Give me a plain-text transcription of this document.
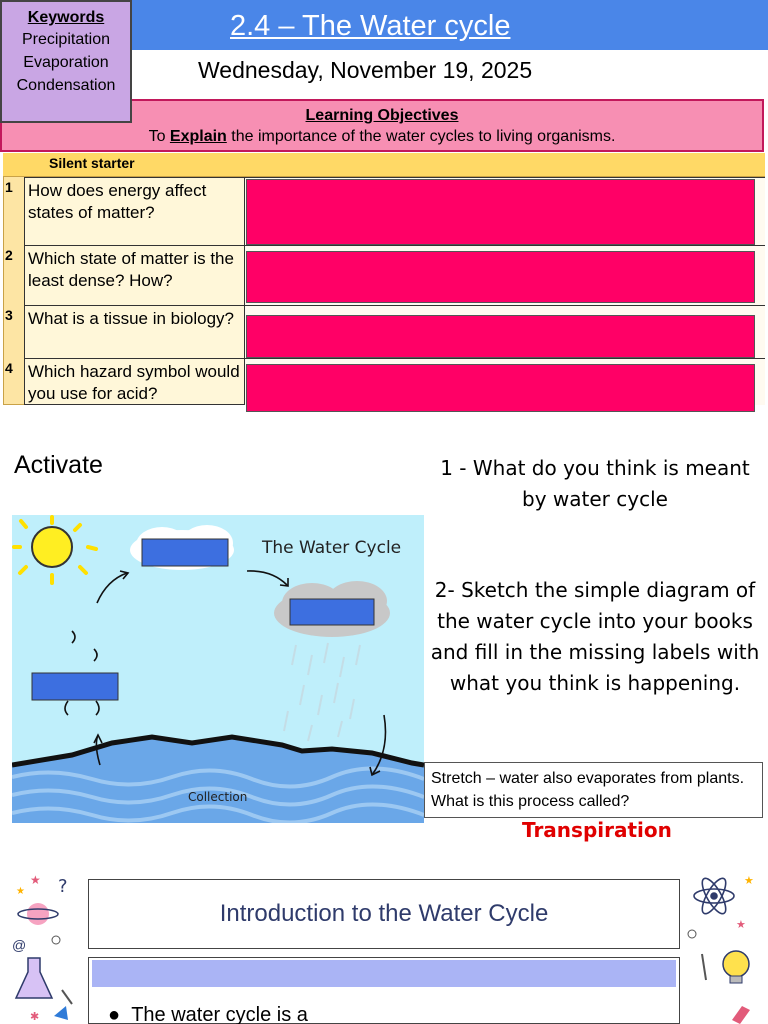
2.4 – The Water cycle
Wednesday, November 19, 2025
Keywords
Precipitation
Evaporation
Condensation
Learning Objectives
To Explain the importance of the water cycles to living organisms.
Silent starter
1 How does energy affect states of matter?
2 Which state of matter is the least dense? How?
3 What is a tissue in biology?
4 Which hazard symbol would you use for acid?
Activate	1 - What do you think is meant by water cycle
2- Sketch the simple diagram of the water cycle into your books and fill in the missing labels with what you think is happening.
Stretch – water also evaporates from plants. What is this process called?
Transpiration
The Water Cycle
Collection
?
★
★
@
✱
★
★
Introduction to the Water Cycle
●  The water cycle is a
